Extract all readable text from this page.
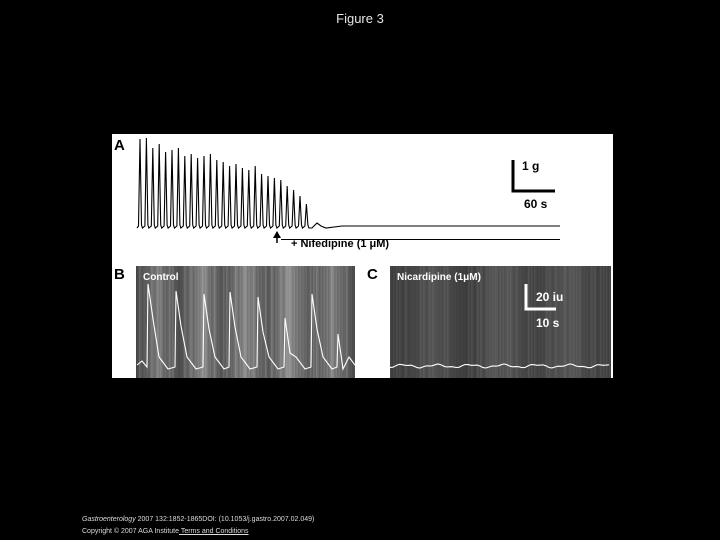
Figure 3
A
1 g
60 s
+ Nifedipine (1 μM)
B Control	C Nicardipine (1μM)
20 iu
10 s
Gastroenterology 2007 132:1852-1865DOI: (10.1053/j.gastro.2007.02.049)
Copyright © 2007 AGA Institute Terms and Conditions
